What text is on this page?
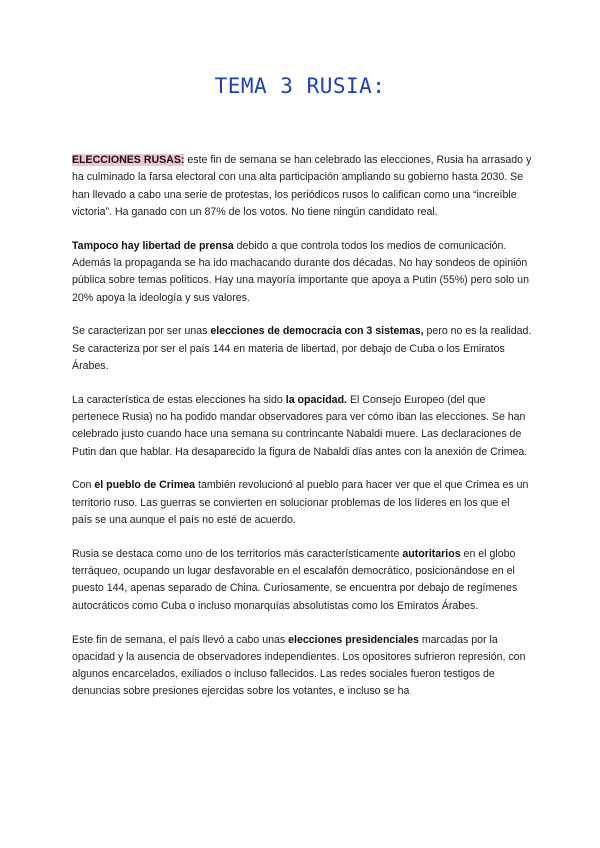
TEMA 3 RUSIA:

ELECCIONES RUSAS: este fin de semana se han celebrado las elecciones, Rusia ha arrasado y ha culminado la farsa electoral con una alta participación ampliando su gobierno hasta 2030. Se han llevado a cabo una serie de protestas, los periódicos rusos lo califican como una “increíble victoria”. Ha ganado con un 87% de los votos. No tiene ningún candidato real.

Tampoco hay libertad de prensa debido a que controla todos los medios de comunicación. Además la propaganda se ha ido machacando durante dos décadas. No hay sondeos de opinión pública sobre temas políticos. Hay una mayoría importante que apoya a Putin (55%) pero solo un 20% apoya la ideología y sus valores.

Se caracterizan por ser unas elecciones de democracia con 3 sistemas, pero no es la realidad. Se caracteriza por ser el país 144 en materia de libertad, por debajo de Cuba o los Emiratos Árabes.

La característica de estas elecciones ha sido la opacidad. El Consejo Europeo (del que pertenece Rusia) no ha podido mandar observadores para ver cómo iban las elecciones. Se han celebrado justo cuando hace una semana su contrincante Nabaldi muere. Las declaraciones de Putin dan que hablar. Ha desaparecido la figura de Nabaldi días antes con la anexión de Crimea.

Con el pueblo de Crimea también revolucionó al pueblo para hacer ver que el que Crimea es un territorio ruso. Las guerras se convierten en solucionar problemas de los líderes en los que el país se una aunque el país no esté de acuerdo.

Rusia se destaca como uno de los territorios más característicamente autoritarios en el globo terráqueo, ocupando un lugar desfavorable en el escalafón democrático, posicionándose en el puesto 144, apenas separado de China. Curiosamente, se encuentra por debajo de regímenes autocráticos como Cuba o incluso monarquías absolutistas como los Emiratos Árabes.

Este fin de semana, el país llevó a cabo unas elecciones presidenciales marcadas por la opacidad y la ausencia de observadores independientes. Los opositores sufrieron represión, con algunos encarcelados, exiliados o incluso fallecidos. Las redes sociales fueron testigos de denuncias sobre presiones ejercidas sobre los votantes, e incluso se ha
